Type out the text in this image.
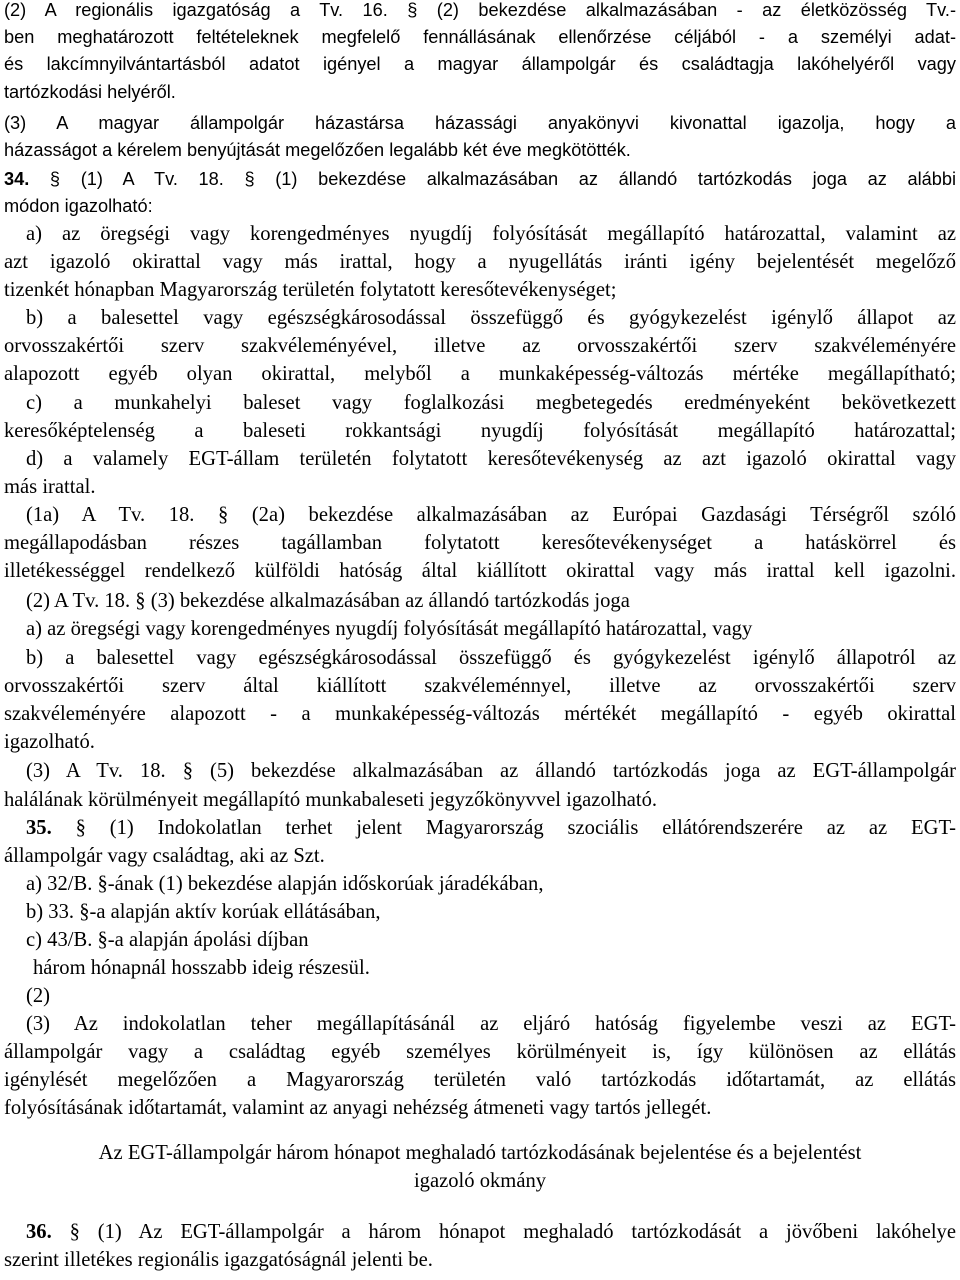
(2) A regionális igazgatóság a Tv. 16. § (2) bekezdése alkalmazásában - az életközösség Tv.-
ben meghatározott feltételeknek megfelelő fennállásának ellenőrzése céljából - a személyi adat-
és lakcímnyilvántartásból adatot igényel a magyar állampolgár és családtagja lakóhelyéről vagy
tartózkodási helyéről.
(3) A magyar állampolgár házastársa házassági anyakönyvi kivonattal igazolja, hogy a
házasságot a kérelem benyújtását megelőzően legalább két éve megkötötték.
34. § (1) A Tv. 18. § (1) bekezdése alkalmazásában az állandó tartózkodás joga az alábbi
módon igazolható:
a) az öregségi vagy korengedményes nyugdíj folyósítását megállapító határozattal, valamint az
azt igazoló okirattal vagy más irattal, hogy a nyugellátás iránti igény bejelentését megelőző
tizenkét hónapban Magyarország területén folytatott keresőtevékenységet;
b) a balesettel vagy egészségkárosodással összefüggő és gyógykezelést igénylő állapot az
orvosszakértői szerv szakvéleményével, illetve az orvosszakértői szerv szakvéleményére
alapozott egyéb olyan okirattal, melyből a munkaképesség-változás mértéke megállapítható;
c) a munkahelyi baleset vagy foglalkozási megbetegedés eredményeként bekövetkezett
keresőképtelenség a baleseti rokkantsági nyugdíj folyósítását megállapító határozattal;
d) a valamely EGT-állam területén folytatott keresőtevékenység az azt igazoló okirattal vagy
más irattal.
(1a) A Tv. 18. § (2a) bekezdése alkalmazásában az Európai Gazdasági Térségről szóló
megállapodásban részes tagállamban folytatott keresőtevékenységet a hatáskörrel és
illetékességgel rendelkező külföldi hatóság által kiállított okirattal vagy más irattal kell igazolni.
(2) A Tv. 18. § (3) bekezdése alkalmazásában az állandó tartózkodás joga
a) az öregségi vagy korengedményes nyugdíj folyósítását megállapító határozattal, vagy
b) a balesettel vagy egészségkárosodással összefüggő és gyógykezelést igénylő állapotról az
orvosszakértői szerv által kiállított szakvéleménnyel, illetve az orvosszakértői szerv
szakvéleményére alapozott - a munkaképesség-változás mértékét megállapító - egyéb okirattal
igazolható.
(3) A Tv. 18. § (5) bekezdése alkalmazásában az állandó tartózkodás joga az EGT-állampolgár
halálának körülményeit megállapító munkabaleseti jegyzőkönyvvel igazolható.
35. § (1) Indokolatlan terhet jelent Magyarország szociális ellátórendszerére az az EGT-
állampolgár vagy családtag, aki az Szt.
a) 32/B. §-ának (1) bekezdése alapján időskorúak járadékában,
b) 33. §-a alapján aktív korúak ellátásában,
c) 43/B. §-a alapján ápolási díjban
három hónapnál hosszabb ideig részesül.
(2)
(3) Az indokolatlan teher megállapításánál az eljáró hatóság figyelembe veszi az EGT-
állampolgár vagy a családtag egyéb személyes körülményeit is, így különösen az ellátás
igénylését megelőzően a Magyarország területén való tartózkodás időtartamát, az ellátás
folyósításának időtartamát, valamint az anyagi nehézség átmeneti vagy tartós jellegét.
Az EGT-állampolgár három hónapot meghaladó tartózkodásának bejelentése és a bejelentést
igazoló okmány
36. § (1) Az EGT-állampolgár a három hónapot meghaladó tartózkodását a jövőbeni lakóhelye
szerint illetékes regionális igazgatóságnál jelenti be.
